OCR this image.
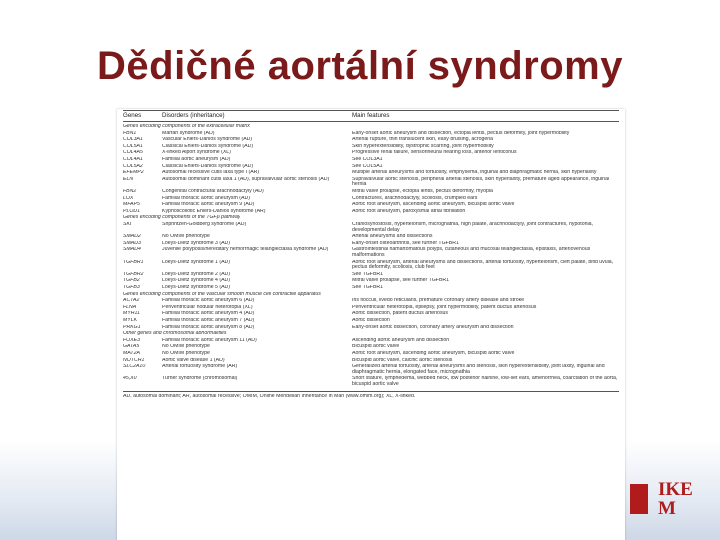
Dědičné aortální syndromy
Genes	Disorders (inheritance)	Main features
Genes encoding components of the extracellular matrix
FBN1	Marfan syndrome (AD)	Early-onset aortic aneurysm and dissection, ectopia lentis, pectus deformity, joint hypermobility
COL3A1	Vascular Ehlers-Danlos syndrome (AD)	Arterial rupture, thin translucent skin, easy bruising, acrogeria
COL5A1	Classical Ehlers-Danlos syndrome (AD)	Skin hyperextensibility, dystrophic scarring, joint hypermobility
COL4A5	X-linked Alport syndrome (XL)	Progressive renal failure, sensorineural hearing loss, anterior lenticonus
COL4A1	Familial aortic aneurysm (AD)	See COL3A1
COL5A2	Classical Ehlers-Danlos syndrome (AD)	See COL5A1
EFEMP2	Autosomal recessive cutis laxa type I (AR)	Multiple arterial aneurysms and tortuosity, emphysema, inguinal and diaphragmatic hernia, skin hyperlaxity
ELN	Autosomal dominant cutis laxa 1 (AD), supravalvular aortic stenosis (AD)	Supravalvular aortic stenosis, peripheral arterial stenosis, skin hyperlaxity, premature aged appearance, inguinal hernia
FBN2	Congenital contractural arachnodactyly (AD)	Mitral valve prolapse, ectopia lentis, pectus deformity, myopia
LOX	Familial thoracic aortic aneurysm (AD)	Contractures, arachnodactyly, scoliosis, crumpled ears
MFAP5	Familial thoracic aortic aneurysm 9 (AD)	Aortic root aneurysm, ascending aortic aneurysm, bicuspid aortic valve
PLOD1	Kyphoscoliotic Ehlers-Danlos syndrome (AR)	Aortic root aneurysm, paroxysmal atrial fibrillation
Genes encoding components of the TGFβ pathway
SKI	Shprintzen-Goldberg syndrome (AD)	Craniosynostosis, hypertelorism, micrognathia, high palate, arachnodactyly, joint contractures, hypotonia, developmental delay
SMAD2	No OMIM phenotype	Arterial aneurysms and dissections
SMAD3	Loeys-Dietz syndrome 3 (AD)	Early-onset osteoarthritis, see further TGFBR1
SMAD4	Juvenile polyposis/hereditary hemorrhagic telangiectasia syndrome (AD)	Gastrointestinal hamartomatous polyps, cutaneous and mucosal telangiectasia, epistaxis, arteriovenous malformations
TGFBR1	Loeys-Dietz syndrome 1 (AD)	Aortic root aneurysm, arterial aneurysms and dissections, arterial tortuosity, hypertelorism, cleft palate, bifid uvula, pectus deformity, scoliosis, club feet
TGFBR2	Loeys-Dietz syndrome 2 (AD)	See TGFBR1
TGFB2	Loeys-Dietz syndrome 4 (AD)	Mitral valve prolapse, see further TGFBR1
TGFB3	Loeys-Dietz syndrome 5 (AD)	See TGFBR1
Genes encoding components of the vascular smooth muscle cell contractile apparatus
ACTA2	Familial thoracic aortic aneurysm 6 (AD)	Iris flocculi, livedo reticularis, premature coronary artery disease and stroke
FLNA	Periventricular nodular heterotopia (XL)	Periventricular heterotopia, epilepsy, joint hypermobility, patent ductus arteriosus
MYH11	Familial thoracic aortic aneurysm 4 (AD)	Aortic dissection, patent ductus arteriosus
MYLK	Familial thoracic aortic aneurysm 7 (AD)	Aortic dissection
PRKG1	Familial thoracic aortic aneurysm 8 (AD)	Early-onset aortic dissection, coronary artery aneurysm and dissection
Other genes and chromosomal abnormalities
FOXE3	Familial thoracic aortic aneurysm 11 (AD)	Ascending aortic aneurysm and dissection
GATA5	No OMIM phenotype	Bicuspid aortic valve
MAT2A	No OMIM phenotype	Aortic root aneurysm, ascending aortic aneurysm, bicuspid aortic valve
NOTCH1	Aortic valve disease 1 (AD)	Bicuspid aortic valve, calcific aortic stenosis
SLC2A10	Arterial tortuosity syndrome (AR)	Generalized arterial tortuosity, arterial aneurysms and stenosis, skin hyperextensibility, joint laxity, inguinal and diaphragmatic hernia, elongated face, micrognathia
45,X0	Turner syndrome (chromosomal)	Short stature, lymphedema, webbed neck, low posterior hairline, low-set ears, amenorrhea, coarctation of the aorta, bicuspid aortic valve
AD, autosomal dominant; AR, autosomal recessive; OMIM, Online Mendelian Inheritance in Man (www.omim.org); XL, X-linked.
IKE
M
